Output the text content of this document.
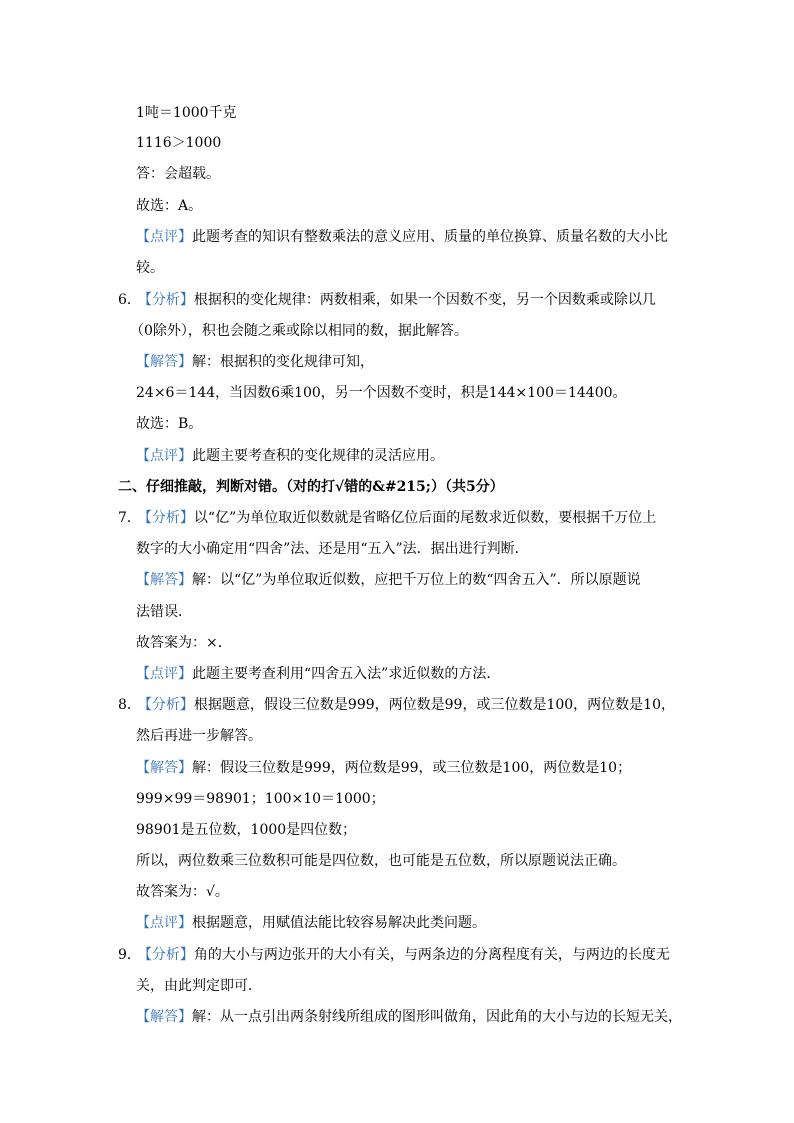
1吨＝1000千克
1116＞1000
答：会超载。
故选：A。
【点评】此题考查的知识有整数乘法的意义应用、质量的单位换算、质量名数的大小比
较。
6． 【分析】根据积的变化规律：两数相乘，如果一个因数不变，另一个因数乘或除以几
（0除外），积也会随之乘或除以相同的数，据此解答。
【解答】解：根据积的变化规律可知，
24×6＝144，当因数6乘100，另一个因数不变时，积是144×100＝14400。
故选：B。
【点评】此题主要考查积的变化规律的灵活应用。
二、仔细推敲，判断对错。（对的打√错的&#215;）（共5分）
7． 【分析】以“亿”为单位取近似数就是省略亿位后面的尾数求近似数，要根据千万位上
数字的大小确定用“四舍”法、还是用“五入”法．据出进行判断．
【解答】解：以“亿”为单位取近似数，应把千万位上的数“四舍五入”．所以原题说
法错误．
故答案为：×．
【点评】此题主要考查利用“四舍五入法”求近似数的方法．
8． 【分析】根据题意，假设三位数是999，两位数是99，或三位数是100，两位数是10，
然后再进一步解答。
【解答】解：假设三位数是999，两位数是99，或三位数是100，两位数是10；
999×99＝98901；100×10＝1000；
98901是五位数，1000是四位数；
所以，两位数乘三位数积可能是四位数，也可能是五位数，所以原题说法正确。
故答案为：√。
【点评】根据题意，用赋值法能比较容易解决此类问题。
9． 【分析】角的大小与两边张开的大小有关，与两条边的分离程度有关，与两边的长度无
关，由此判定即可．
【解答】解：从一点引出两条射线所组成的图形叫做角，因此角的大小与边的长短无关，
